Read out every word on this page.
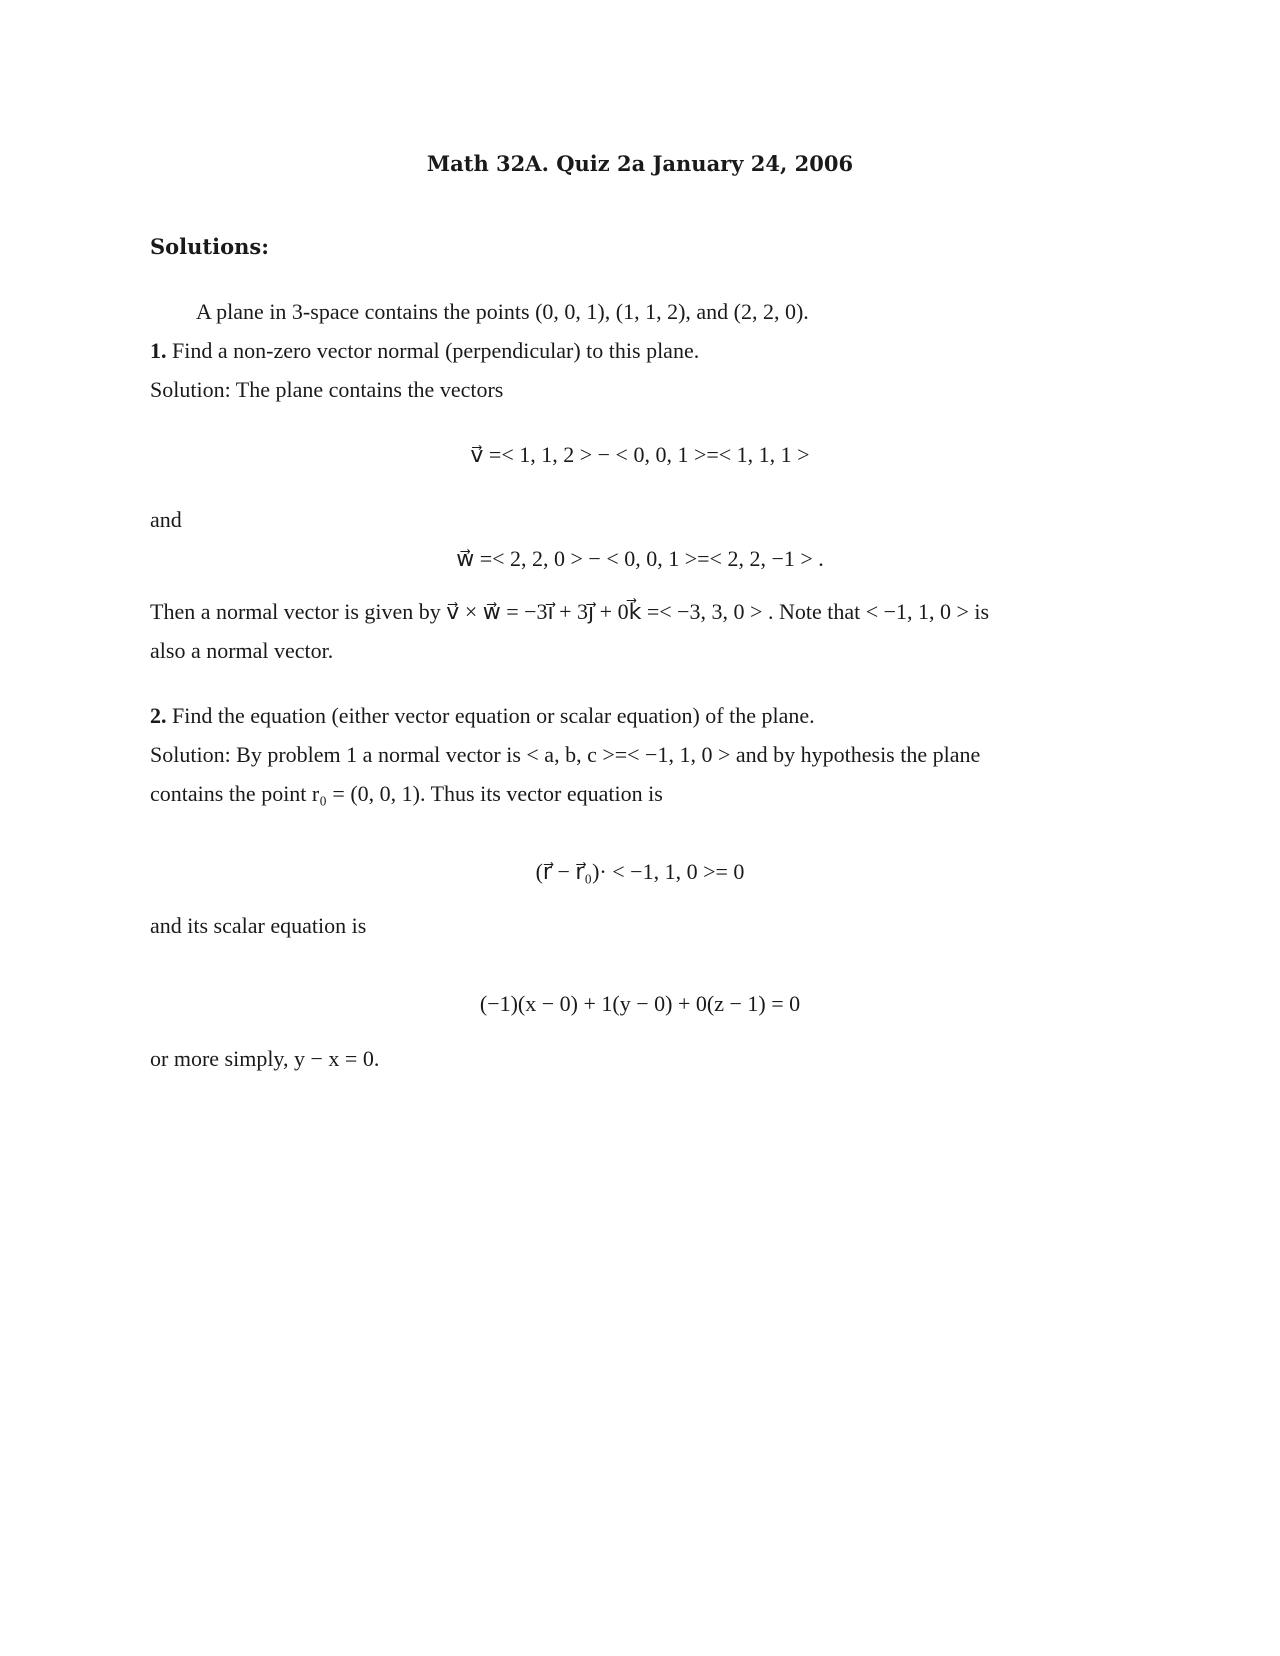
Math 32A. Quiz 2a January 24, 2006
Solutions:
A plane in 3-space contains the points (0, 0, 1), (1, 1, 2), and (2, 2, 0).
1. Find a non-zero vector normal (perpendicular) to this plane.
Solution: The plane contains the vectors
v⃗ =< 1, 1, 2 > − < 0, 0, 1 >=< 1, 1, 1 >
and
w⃗ =< 2, 2, 0 > − < 0, 0, 1 >=< 2, 2, −1 > .
Then a normal vector is given by v⃗ × w⃗ = −3i⃗ + 3j⃗ + 0k⃗ =< −3, 3, 0 > . Note that < −1, 1, 0 > is
also a normal vector.
2. Find the equation (either vector equation or scalar equation) of the plane.
Solution: By problem 1 a normal vector is < a, b, c >=< −1, 1, 0 > and by hypothesis the plane
contains the point r₀ = (0, 0, 1). Thus its vector equation is
(r⃗ − r⃗₀)· < −1, 1, 0 >= 0
and its scalar equation is
(−1)(x − 0) + 1(y − 0) + 0(z − 1) = 0
or more simply, y − x = 0.
